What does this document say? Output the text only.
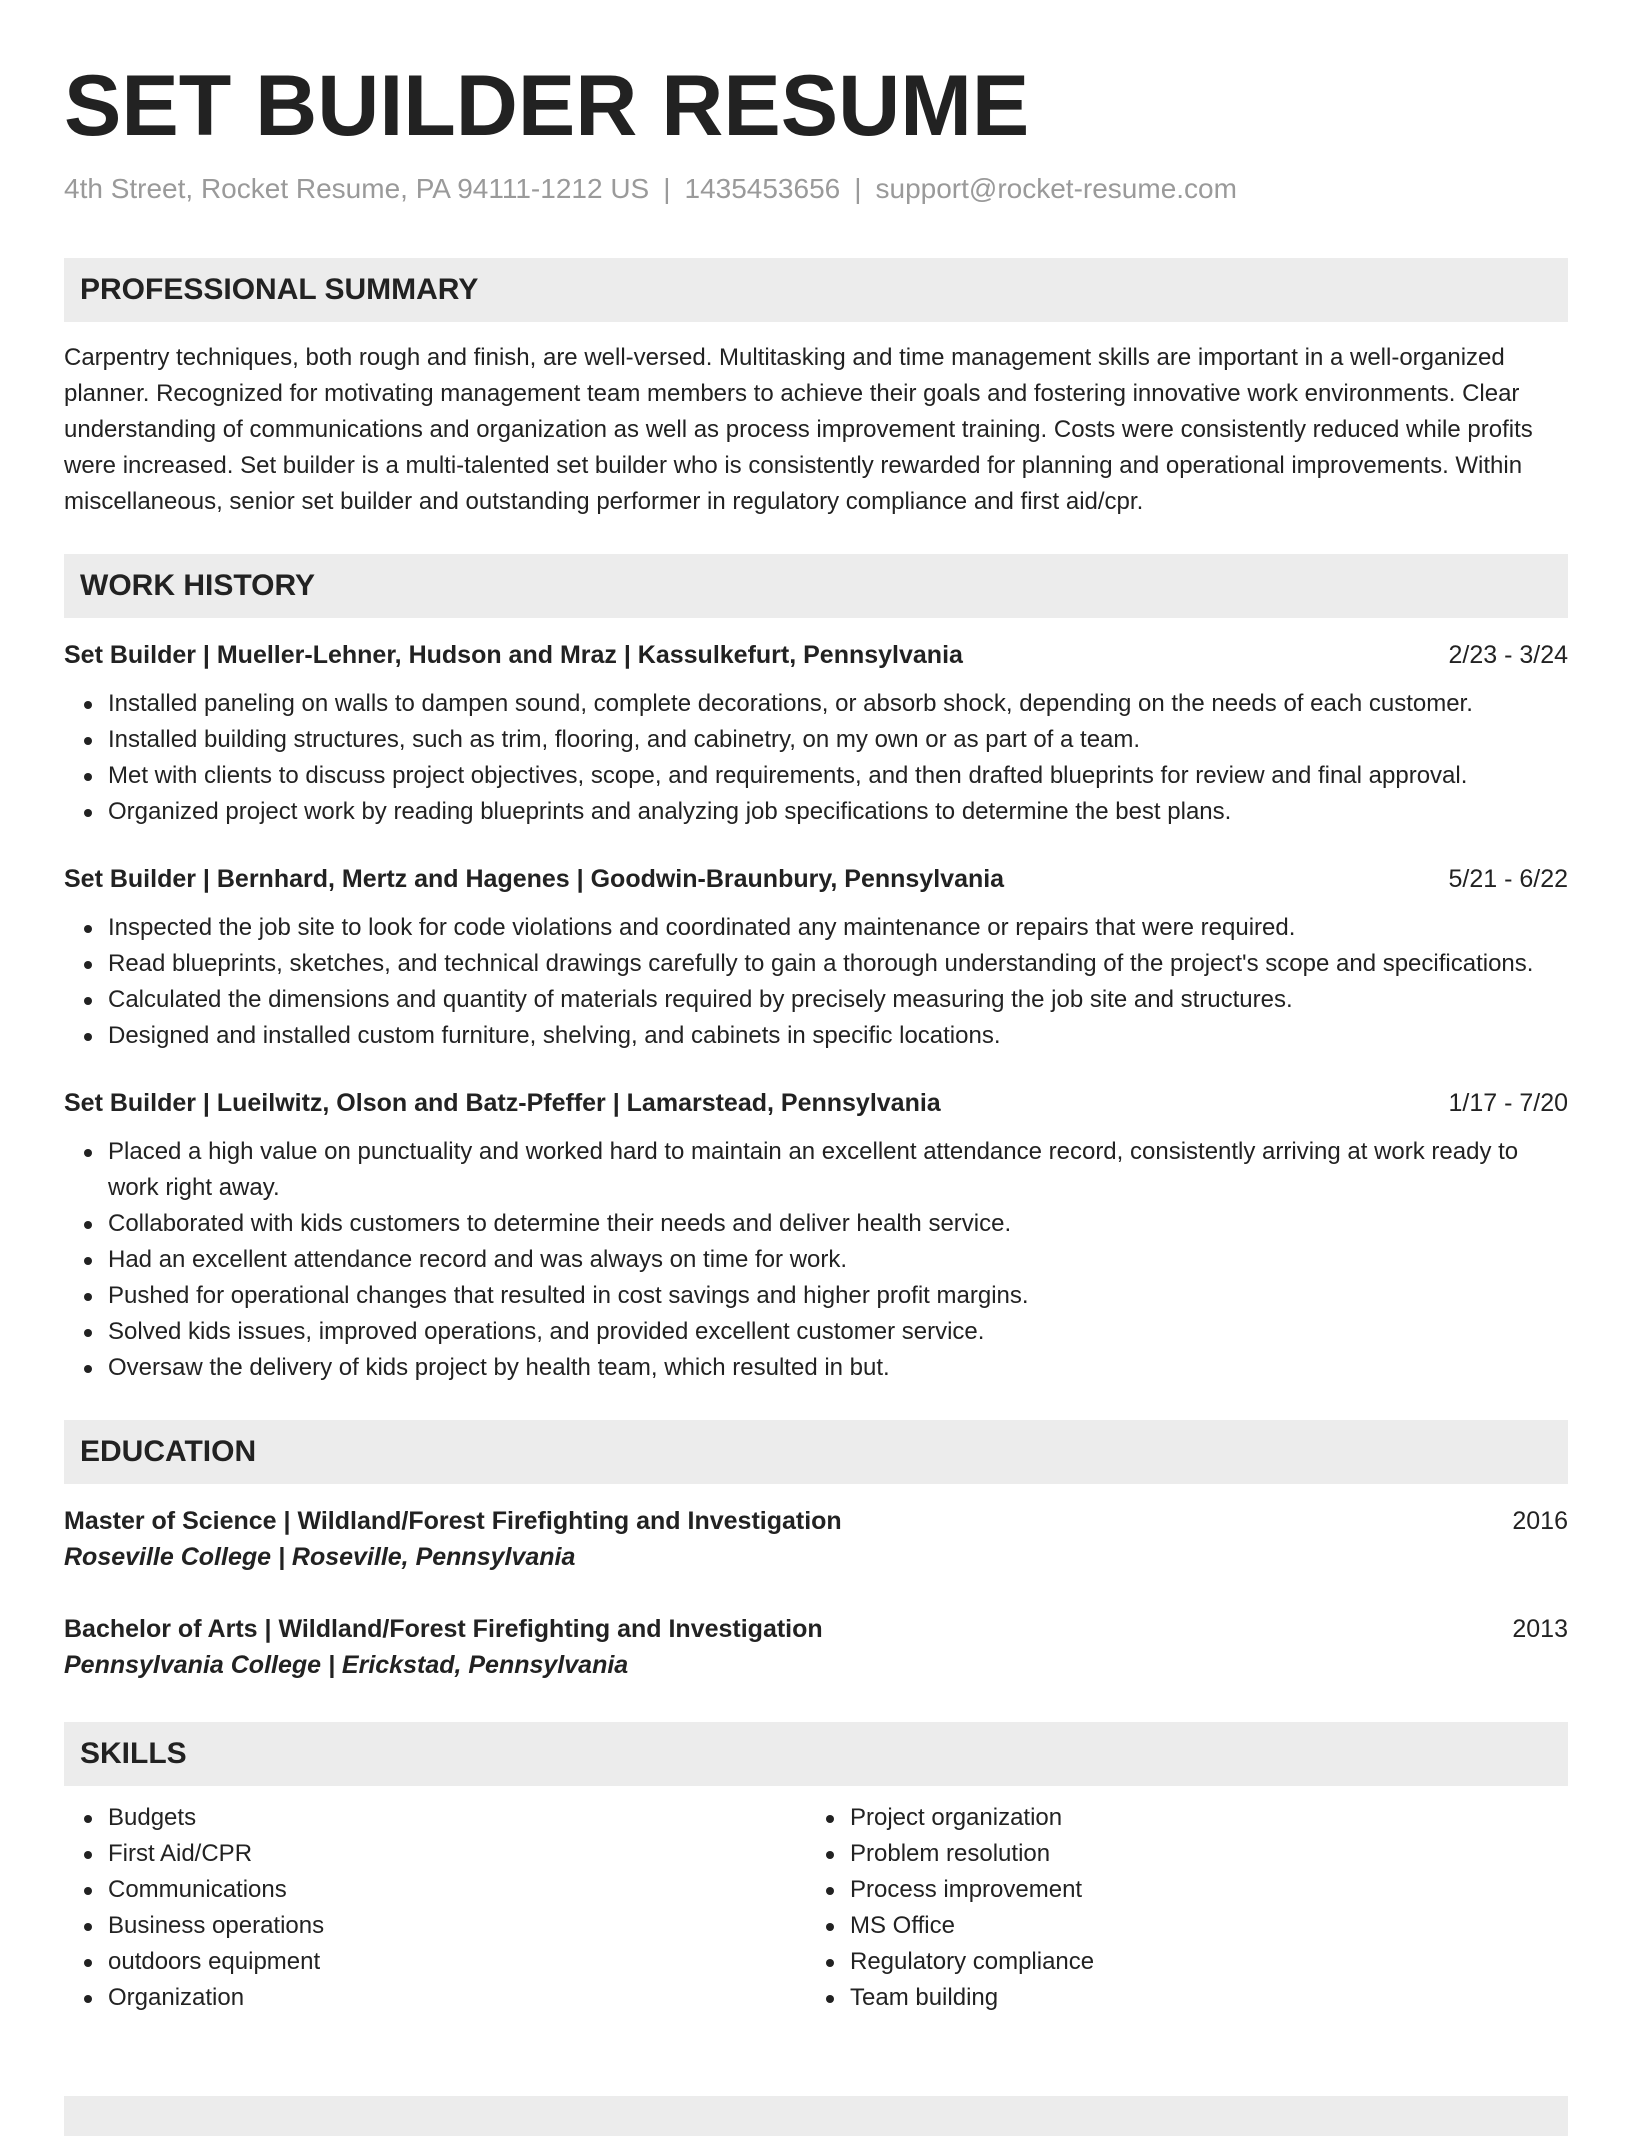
SET BUILDER RESUME
4th Street, Rocket Resume, PA 94111-1212 US | 1435453656 | support@rocket-resume.com
PROFESSIONAL SUMMARY

Carpentry techniques, both rough and finish, are well-versed. Multitasking and time management skills are important in a well-organized planner. Recognized for motivating management team members to achieve their goals and fostering innovative work environments. Clear understanding of communications and organization as well as process improvement training. Costs were consistently reduced while profits were increased. Set builder is a multi-talented set builder who is consistently rewarded for planning and operational improvements. Within miscellaneous, senior set builder and outstanding performer in regulatory compliance and first aid/cpr.

WORK HISTORY
Set Builder | Mueller-Lehner, Hudson and Mraz | Kassulkefurt, Pennsylvania	2/23 - 3/24
Installed paneling on walls to dampen sound, complete decorations, or absorb shock, depending on the needs of each customer.
Installed building structures, such as trim, flooring, and cabinetry, on my own or as part of a team.
Met with clients to discuss project objectives, scope, and requirements, and then drafted blueprints for review and final approval.
Organized project work by reading blueprints and analyzing job specifications to determine the best plans.
Set Builder | Bernhard, Mertz and Hagenes | Goodwin-Braunbury, Pennsylvania	5/21 - 6/22
Inspected the job site to look for code violations and coordinated any maintenance or repairs that were required.
Read blueprints, sketches, and technical drawings carefully to gain a thorough understanding of the project's scope and specifications.
Calculated the dimensions and quantity of materials required by precisely measuring the job site and structures.
Designed and installed custom furniture, shelving, and cabinets in specific locations.
Set Builder | Lueilwitz, Olson and Batz-Pfeffer | Lamarstead, Pennsylvania	1/17 - 7/20
Placed a high value on punctuality and worked hard to maintain an excellent attendance record, consistently arriving at work ready to work right away.
Collaborated with kids customers to determine their needs and deliver health service.
Had an excellent attendance record and was always on time for work.
Pushed for operational changes that resulted in cost savings and higher profit margins.
Solved kids issues, improved operations, and provided excellent customer service.
Oversaw the delivery of kids project by health team, which resulted in but.
EDUCATION
Master of Science | Wildland/Forest Firefighting and Investigation	2016
Roseville College | Roseville, Pennsylvania
Bachelor of Arts | Wildland/Forest Firefighting and Investigation	2013
Pennsylvania College | Erickstad, Pennsylvania
SKILLS
Budgets
First Aid/CPR
Communications
Business operations
outdoors equipment
Organization
Project organization
Problem resolution
Process improvement
MS Office
Regulatory compliance
Team building
